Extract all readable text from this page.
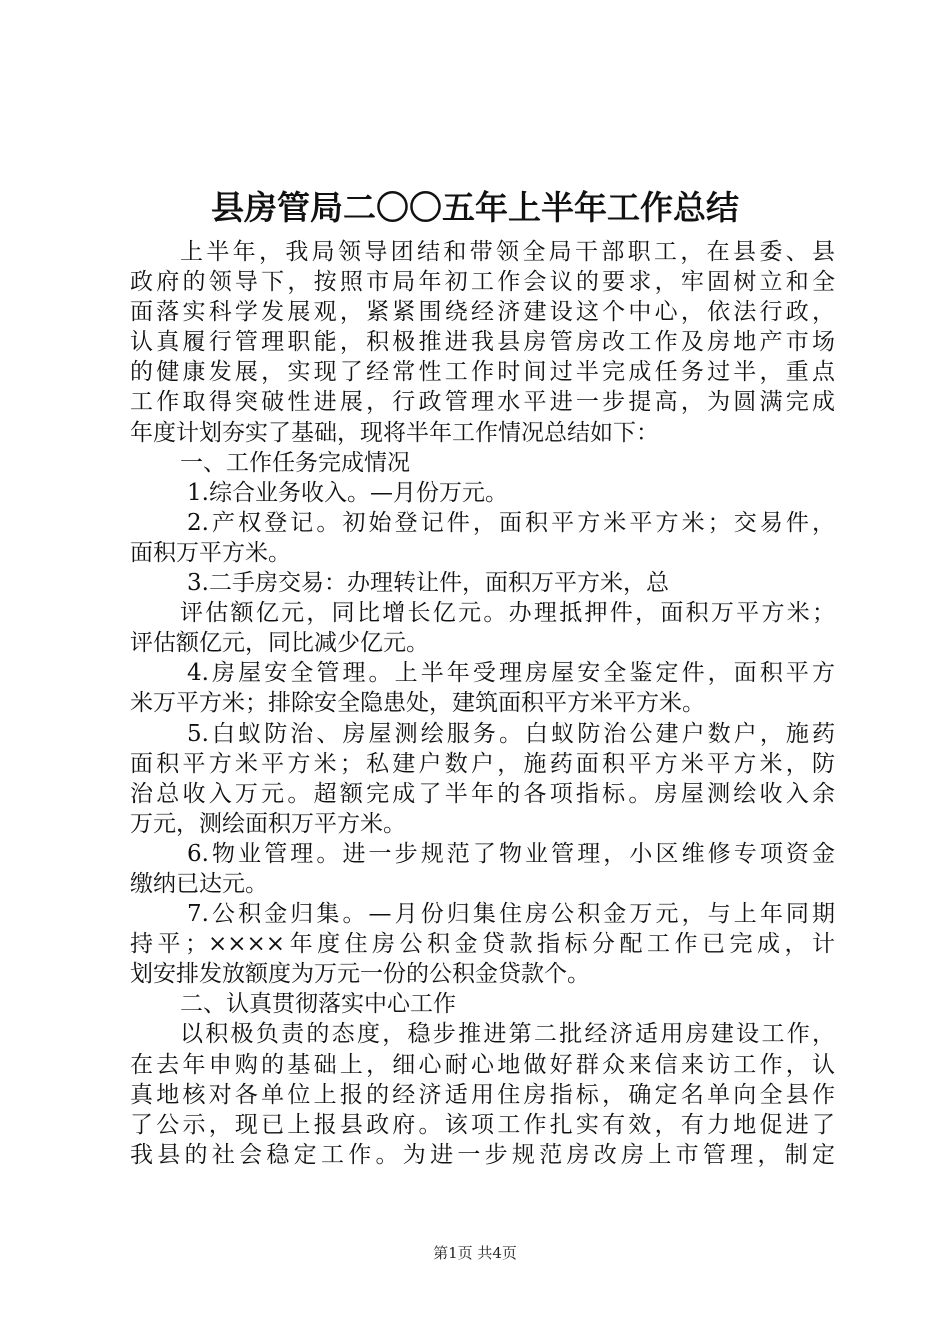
县房管局二〇〇五年上半年工作总结
上半年，我局领导团结和带领全局干部职工，在县委、县
政府的领导下，按照市局年初工作会议的要求，牢固树立和全
面落实科学发展观，紧紧围绕经济建设这个中心，依法行政，
认真履行管理职能，积极推进我县房管房改工作及房地产市场
的健康发展，实现了经常性工作时间过半完成任务过半，重点
工作取得突破性进展，行政管理水平进一步提高，为圆满完成
年度计划夯实了基础，现将半年工作情况总结如下：
一、工作任务完成情况
1.综合业务收入。—月份万元。
2.产权登记。初始登记件，面积平方米平方米；交易件，
面积万平方米。
3.二手房交易：办理转让件，面积万平方米，总
评估额亿元，同比增长亿元。办理抵押件，面积万平方米；
评估额亿元，同比减少亿元。
4.房屋安全管理。上半年受理房屋安全鉴定件，面积平方
米万平方米；排除安全隐患处，建筑面积平方米平方米。
5.白蚁防治、房屋测绘服务。白蚁防治公建户数户，施药
面积平方米平方米；私建户数户，施药面积平方米平方米，防
治总收入万元。超额完成了半年的各项指标。房屋测绘收入余
万元，测绘面积万平方米。
6.物业管理。进一步规范了物业管理，小区维修专项资金
缴纳已达元。
7.公积金归集。—月份归集住房公积金万元，与上年同期
持平；××××年度住房公积金贷款指标分配工作已完成，计
划安排发放额度为万元一份的公积金贷款个。
二、认真贯彻落实中心工作
以积极负责的态度，稳步推进第二批经济适用房建设工作，
在去年申购的基础上，细心耐心地做好群众来信来访工作，认
真地核对各单位上报的经济适用住房指标，确定名单向全县作
了公示，现已上报县政府。该项工作扎实有效，有力地促进了
我县的社会稳定工作。为进一步规范房改房上市管理，制定
第1页 共4页
